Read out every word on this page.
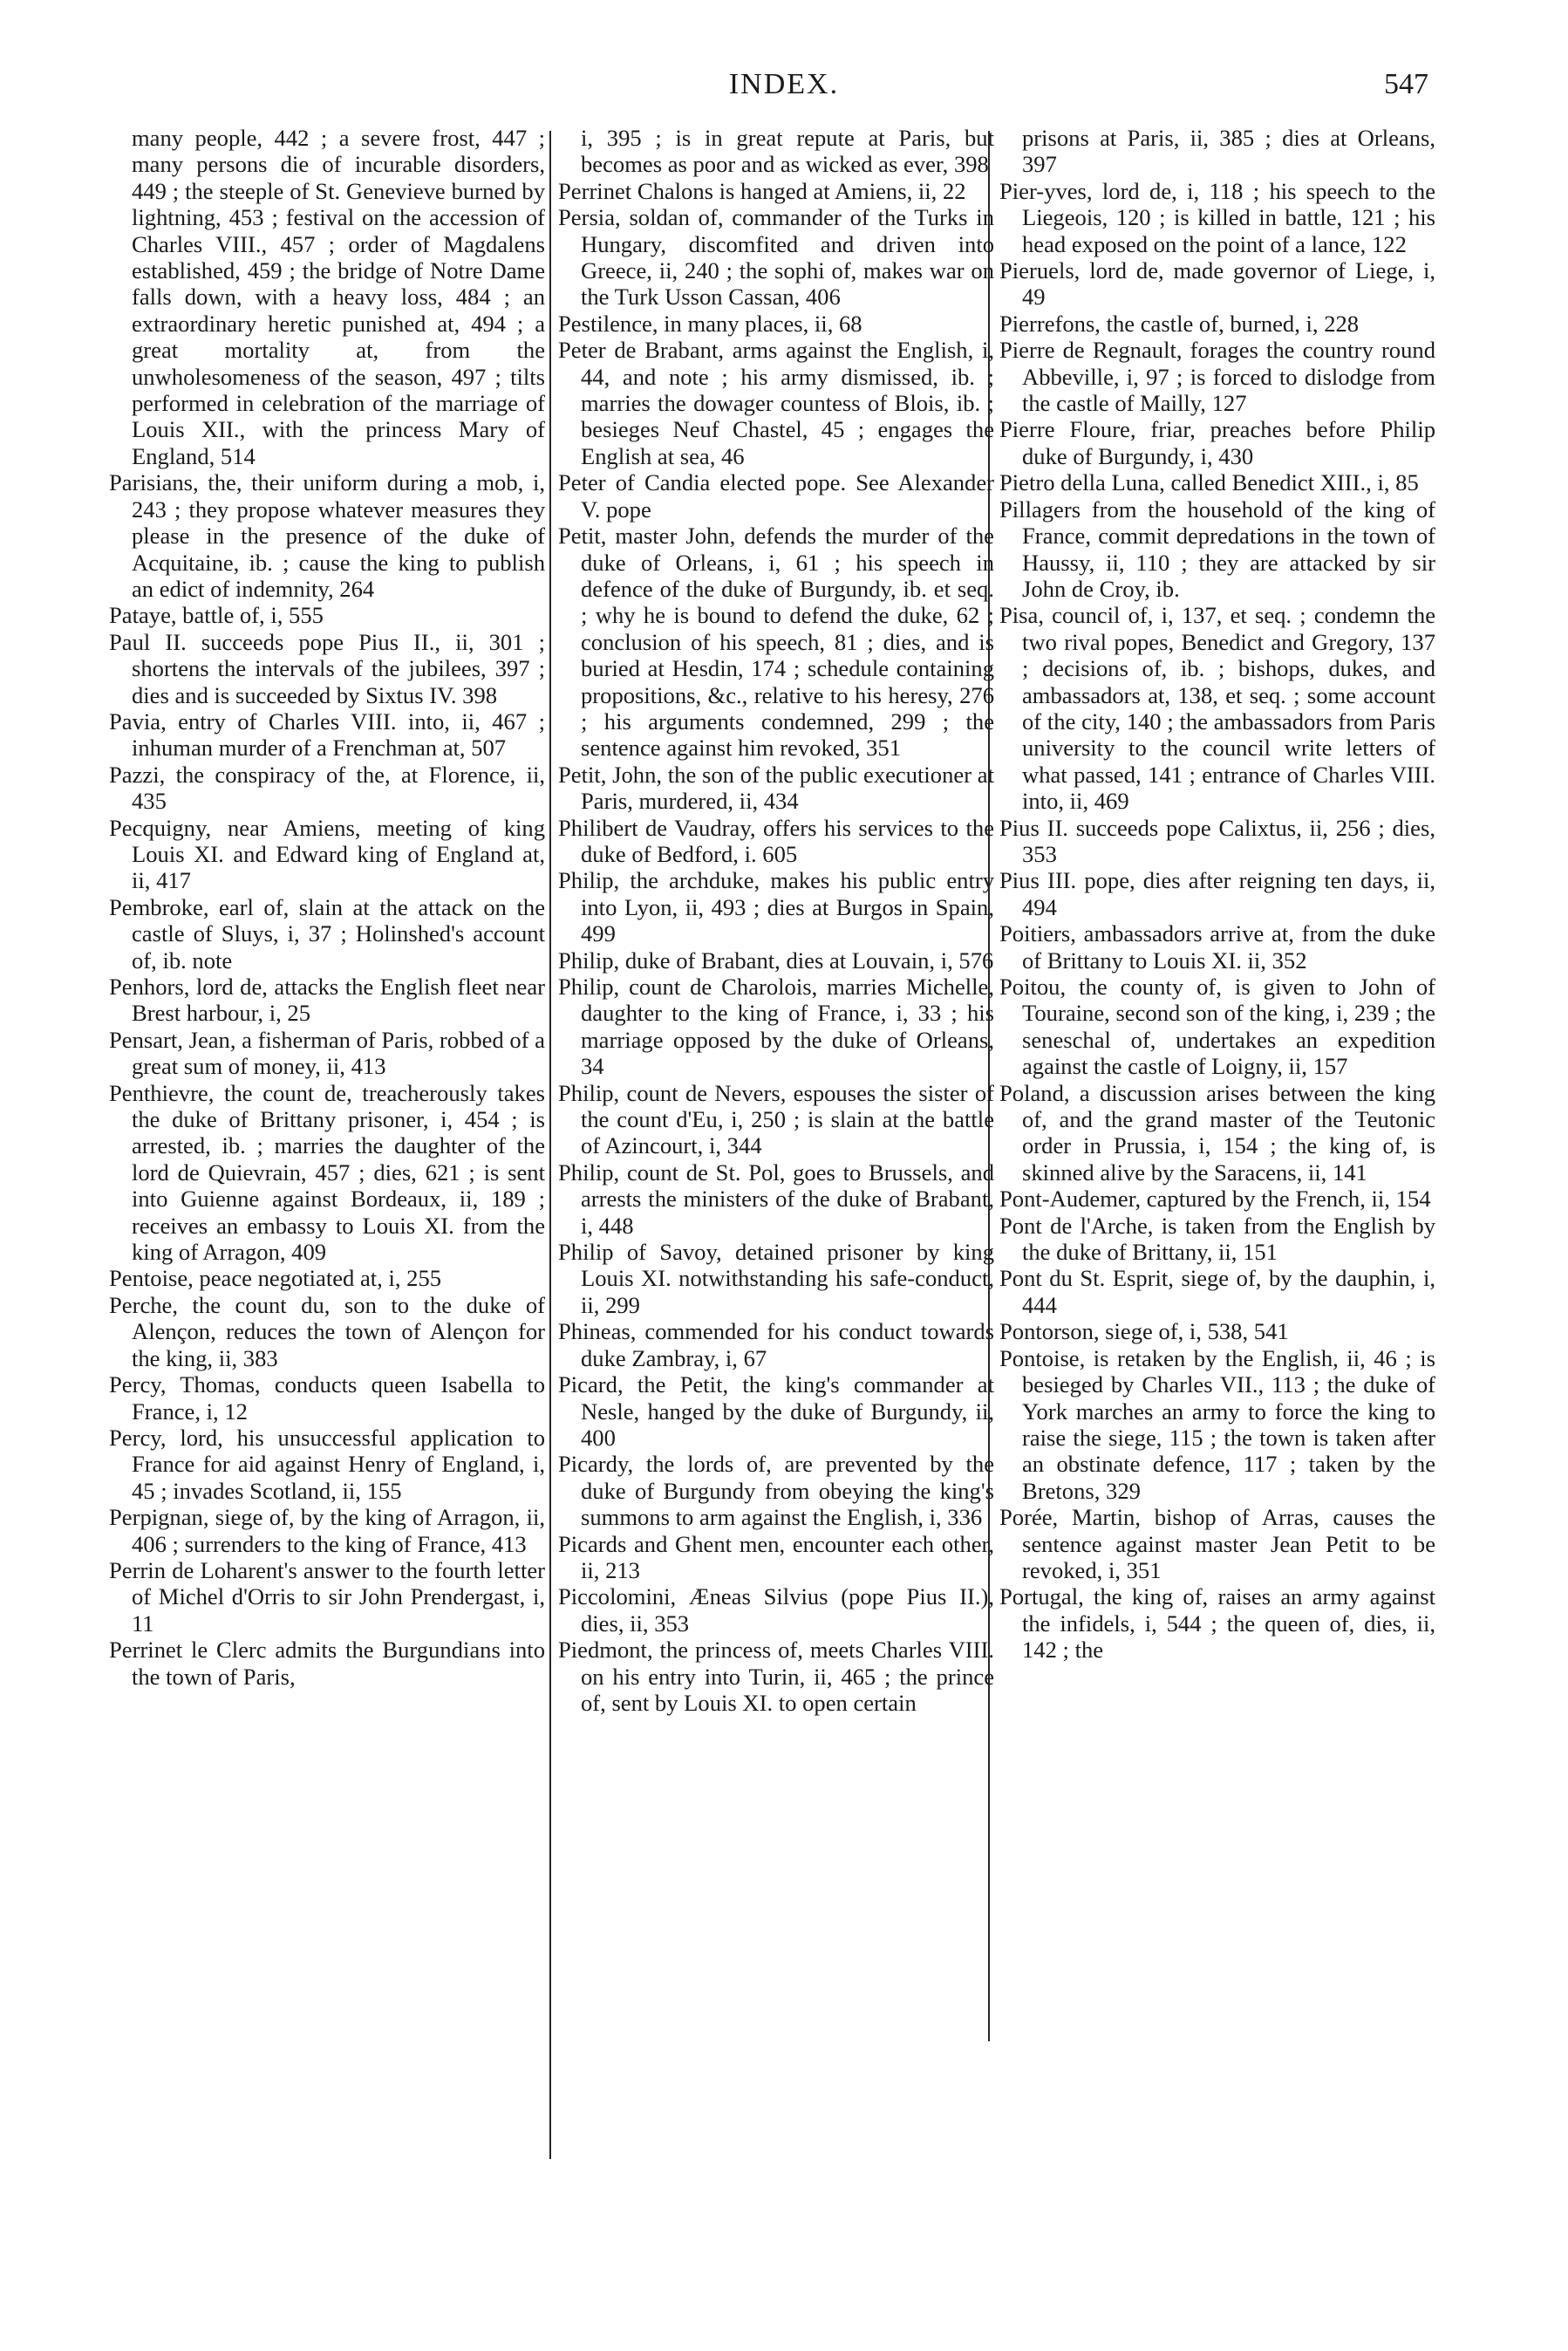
INDEX.	547
many people, 442 ; a severe frost, 447 ; many persons die of incurable disorders, 449 ; the steeple of St. Genevieve burned by lightning, 453 ; festival on the accession of Charles VIII., 457 ; order of Magdalens established, 459 ; the bridge of Notre Dame falls down, with a heavy loss, 484 ; an extraordinary heretic punished at, 494 ; a great mortality at, from the unwholesomeness of the season, 497 ; tilts performed in celebration of the marriage of Louis XII., with the princess Mary of England, 514
Parisians, the, their uniform during a mob, i, 243 ; they propose whatever measures they please in the presence of the duke of Acquitaine, ib. ; cause the king to publish an edict of indemnity, 264
Pataye, battle of, i, 555
Paul II. succeeds pope Pius II., ii, 301 ; shortens the intervals of the jubilees, 397 ; dies and is succeeded by Sixtus IV. 398
Pavia, entry of Charles VIII. into, ii, 467 ; inhuman murder of a Frenchman at, 507
Pazzi, the conspiracy of the, at Florence, ii, 435
Pecquigny, near Amiens, meeting of king Louis XI. and Edward king of England at, ii, 417
Pembroke, earl of, slain at the attack on the castle of Sluys, i, 37 ; Holinshed's account of, ib. note
Penhors, lord de, attacks the English fleet near Brest harbour, i, 25
Pensart, Jean, a fisherman of Paris, robbed of a great sum of money, ii, 413
Penthievre, the count de, treacherously takes the duke of Brittany prisoner, i, 454 ; is arrested, ib. ; marries the daughter of the lord de Quievrain, 457 ; dies, 621 ; is sent into Guienne against Bordeaux, ii, 189 ; receives an embassy to Louis XI. from the king of Arragon, 409
Pentoise, peace negotiated at, i, 255
Perche, the count du, son to the duke of Alençon, reduces the town of Alençon for the king, ii, 383
Percy, Thomas, conducts queen Isabella to France, i, 12
Percy, lord, his unsuccessful application to France for aid against Henry of England, i, 45 ; invades Scotland, ii, 155
Perpignan, siege of, by the king of Arragon, ii, 406 ; surrenders to the king of France, 413
Perrin de Loharent's answer to the fourth letter of Michel d'Orris to sir John Prendergast, i, 11
Perrinet le Clerc admits the Burgundians into the town of Paris,
i, 395 ; is in great repute at Paris, but becomes as poor and as wicked as ever, 398
Perrinet Chalons is hanged at Amiens, ii, 22
Persia, soldan of, commander of the Turks in Hungary, discomfited and driven into Greece, ii, 240 ; the sophi of, makes war on the Turk Usson Cassan, 406
Pestilence, in many places, ii, 68
Peter de Brabant, arms against the English, i, 44, and note ; his army dismissed, ib. ; marries the dowager countess of Blois, ib. ; besieges Neuf Chastel, 45 ; engages the English at sea, 46
Peter of Candia elected pope. See Alexander V. pope
Petit, master John, defends the murder of the duke of Orleans, i, 61 ; his speech in defence of the duke of Burgundy, ib. et seq. ; why he is bound to defend the duke, 62 ; conclusion of his speech, 81 ; dies, and is buried at Hesdin, 174 ; schedule containing propositions, &c., relative to his heresy, 276 ; his arguments condemned, 299 ; the sentence against him revoked, 351
Petit, John, the son of the public executioner at Paris, murdered, ii, 434
Philibert de Vaudray, offers his services to the duke of Bedford, i. 605
Philip, the archduke, makes his public entry into Lyon, ii, 493 ; dies at Burgos in Spain, 499
Philip, duke of Brabant, dies at Louvain, i, 576
Philip, count de Charolois, marries Michelle, daughter to the king of France, i, 33 ; his marriage opposed by the duke of Orleans, 34
Philip, count de Nevers, espouses the sister of the count d'Eu, i, 250 ; is slain at the battle of Azincourt, i, 344
Philip, count de St. Pol, goes to Brussels, and arrests the ministers of the duke of Brabant, i, 448
Philip of Savoy, detained prisoner by king Louis XI. notwithstanding his safe-conduct, ii, 299
Phineas, commended for his conduct towards duke Zambray, i, 67
Picard, the Petit, the king's commander at Nesle, hanged by the duke of Burgundy, ii, 400
Picardy, the lords of, are prevented by the duke of Burgundy from obeying the king's summons to arm against the English, i, 336
Picards and Ghent men, encounter each other, ii, 213
Piccolomini, Æneas Silvius (pope Pius II.), dies, ii, 353
Piedmont, the princess of, meets Charles VIII. on his entry into Turin, ii, 465 ; the prince of, sent by Louis XI. to open certain
prisons at Paris, ii, 385 ; dies at Orleans, 397
Pier-yves, lord de, i, 118 ; his speech to the Liegeois, 120 ; is killed in battle, 121 ; his head exposed on the point of a lance, 122
Pieruels, lord de, made governor of Liege, i, 49
Pierrefons, the castle of, burned, i, 228
Pierre de Regnault, forages the country round Abbeville, i, 97 ; is forced to dislodge from the castle of Mailly, 127
Pierre Floure, friar, preaches before Philip duke of Burgundy, i, 430
Pietro della Luna, called Benedict XIII., i, 85
Pillagers from the household of the king of France, commit depredations in the town of Haussy, ii, 110 ; they are attacked by sir John de Croy, ib.
Pisa, council of, i, 137, et seq. ; condemn the two rival popes, Benedict and Gregory, 137 ; decisions of, ib. ; bishops, dukes, and ambassadors at, 138, et seq. ; some account of the city, 140 ; the ambassadors from Paris university to the council write letters of what passed, 141 ; entrance of Charles VIII. into, ii, 469
Pius II. succeeds pope Calixtus, ii, 256 ; dies, 353
Pius III. pope, dies after reigning ten days, ii, 494
Poitiers, ambassadors arrive at, from the duke of Brittany to Louis XI. ii, 352
Poitou, the county of, is given to John of Touraine, second son of the king, i, 239 ; the seneschal of, undertakes an expedition against the castle of Loigny, ii, 157
Poland, a discussion arises between the king of, and the grand master of the Teutonic order in Prussia, i, 154 ; the king of, is skinned alive by the Saracens, ii, 141
Pont-Audemer, captured by the French, ii, 154
Pont de l'Arche, is taken from the English by the duke of Brittany, ii, 151
Pont du St. Esprit, siege of, by the dauphin, i, 444
Pontorson, siege of, i, 538, 541
Pontoise, is retaken by the English, ii, 46 ; is besieged by Charles VII., 113 ; the duke of York marches an army to force the king to raise the siege, 115 ; the town is taken after an obstinate defence, 117 ; taken by the Bretons, 329
Porée, Martin, bishop of Arras, causes the sentence against master Jean Petit to be revoked, i, 351
Portugal, the king of, raises an army against the infidels, i, 544 ; the queen of, dies, ii, 142 ; the
